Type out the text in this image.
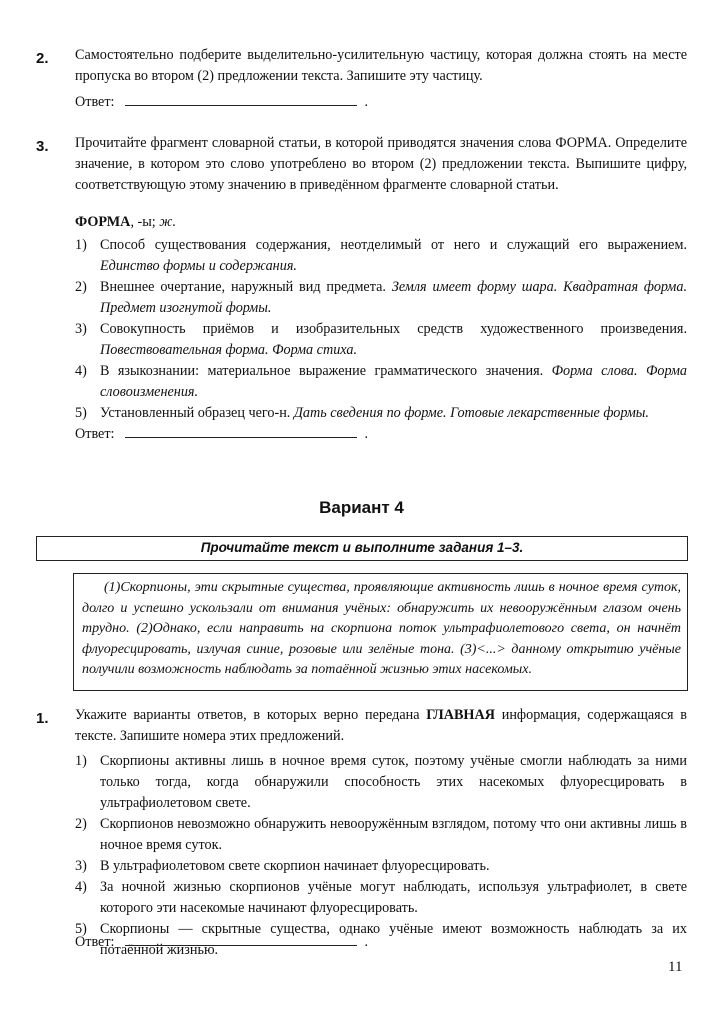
2. Самостоятельно подберите выделительно-усилительную частицу, которая должна стоять на месте пропуска во втором (2) предложении текста. Запишите эту частицу.
Ответ:	.
3. Прочитайте фрагмент словарной статьи, в которой приводятся значения слова ФОРМА. Определите значение, в котором это слово употреблено во втором (2) предложении текста. Выпишите цифру, соответствующую этому значению в приведённом фрагменте словарной статьи.
ФОРМА, -ы; ж.
1) Способ существования содержания, неотделимый от него и служащий его выражением. Единство формы и содержания.
2) Внешнее очертание, наружный вид предмета. Земля имеет форму шара. Квадратная форма. Предмет изогнутой формы.
3) Совокупность приёмов и изобразительных средств художественного произведения. Повествовательная форма. Форма стиха.
4) В языкознании: материальное выражение грамматического значения. Форма слова. Форма словоизменения.
5) Установленный образец чего-н. Дать сведения по форме. Готовые лекарственные формы.
Ответ:	.
Вариант 4
Прочитайте текст и выполните задания 1–3.
(1)Скорпионы, эти скрытные существа, проявляющие активность лишь в ночное время суток, долго и успешно ускользали от внимания учёных: обнаружить их невооружённым глазом очень трудно. (2)Однако, если направить на скорпиона поток ультрафиолетового света, он начнёт флуоресцировать, излучая синие, розовые или зелёные тона. (3)<...> данному открытию учёные получили возможность наблюдать за потаённой жизнью этих насекомых.
1. Укажите варианты ответов, в которых верно передана ГЛАВНАЯ информация, содержащаяся в тексте. Запишите номера этих предложений.
1) Скорпионы активны лишь в ночное время суток, поэтому учёные смогли наблюдать за ними только тогда, когда обнаружили способность этих насекомых флуоресцировать в ультрафиолетовом свете.
2) Скорпионов невозможно обнаружить невооружённым взглядом, потому что они активны лишь в ночное время суток.
3) В ультрафиолетовом свете скорпион начинает флуоресцировать.
4) За ночной жизнью скорпионов учёные могут наблюдать, используя ультрафиолет, в свете которого эти насекомые начинают флуоресцировать.
5) Скорпионы — скрытные существа, однако учёные имеют возможность наблюдать за их потаённой жизнью.
Ответ:	.
11
